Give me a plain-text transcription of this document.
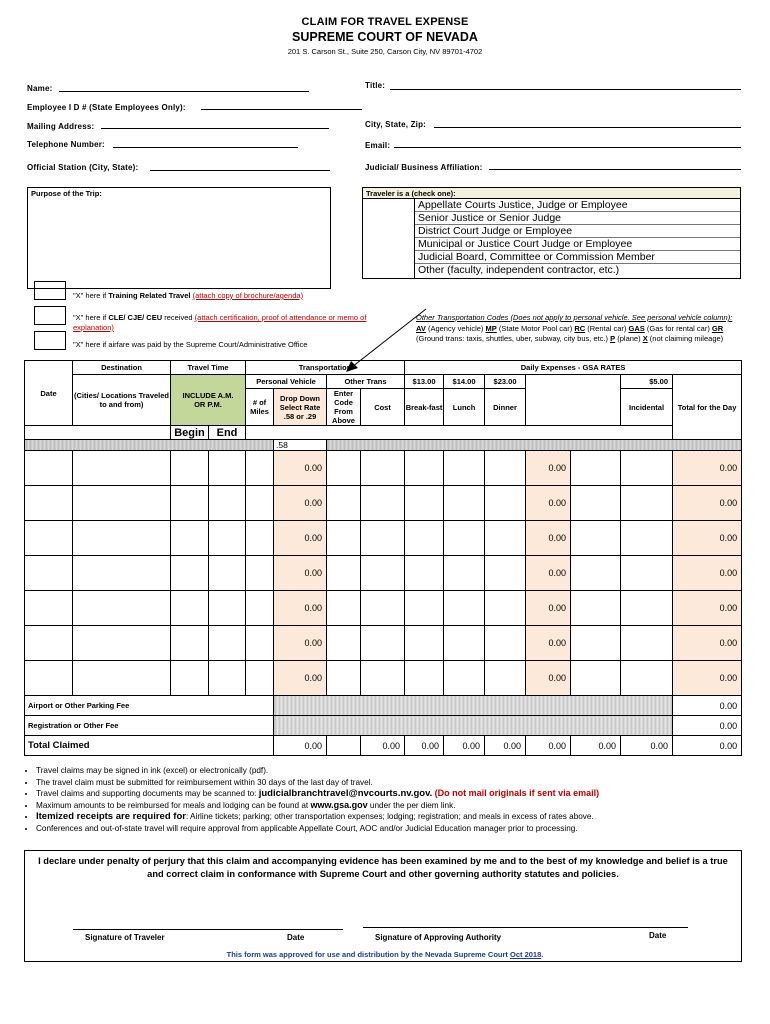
CLAIM FOR TRAVEL EXPENSE
SUPREME COURT OF NEVADA
201 S. Carson St., Suite 250, Carson City, NV 89701-4702
Name:	Title:
Employee I D # (State Employees Only):
Mailing Address:	City, State, Zip:
Telephone Number:	Email:
Official Station (City, State):	Judicial/ Business Affiliation:
Purpose of the Trip:	Traveler is a (check one):
Appellate Courts Justice, Judge or Employee
Senior Justice or Senior Judge
District Court Judge or Employee
Municipal or Justice Court Judge or Employee
Judicial Board, Committee or Commission Member
Other (faculty, independent contractor, etc.)
"X" here if Training Related Travel (attach copy of brochure/agenda)
"X" here if CLE/ CJE/ CEU received (attach certification, proof of attendance or memo of explanation)
"X" here if airfare was paid by the Supreme Court/Administrative Office
Other Transportation Codes (Does not apply to personal vehicle. See personal vehicle column): AV (Agency vehicle) MP (State Motor Pool car) RC (Rental car) GAS (Gas for rental car) GR (Ground trans: taxis, shuttles, uber, subway, city bus, etc.) P (plane) X (not claiming mileage)
Date	Destination	Travel Time		Transportation				Daily Expenses - GSA RATES						
	(Cities/ Locations Traveled to and from)	INCLUDE A.M. OR P.M.		Personal Vehicle		Other Trans		$13.00	$14.00	$23.00			$5.00	Total for the Day
				# of Miles	Drop Down Select Rate .58 or .29	Enter Code From Above	Cost	Break-fast	Lunch	Dinner			Incidental	
		Begin	End											
					.58									
					0.00						0.00			0.00
					0.00						0.00			0.00
					0.00						0.00			0.00
					0.00						0.00			0.00
					0.00						0.00			0.00
					0.00						0.00			0.00
					0.00						0.00			0.00
Airport or Other Parking Fee														0.00
Registration or Other Fee														0.00
Total Claimed					0.00		0.00	0.00	0.00	0.00	0.00	0.00	0.00	0.00
• Travel claims may be signed in ink (excel) or electronically (pdf).
• The travel claim must be submitted for reimbursement within 30 days of the last day of travel.
• Travel claims and supporting documents may be scanned to: judicialbranchtravel@nvcourts.nv.gov. (Do not mail originals if sent via email)
• Maximum amounts to be reimbursed for meals and lodging can be found at www.gsa.gov under the per diem link.
• Itemized receipts are required for: Airline tickets; parking; other transportation expenses; lodging; registration; and meals in excess of rates above.
• Conferences and out-of-state travel will require approval from applicable Appellate Court, AOC and/or Judicial Education manager prior to processing.
I declare under penalty of perjury that this claim and accompanying evidence has been examined by me and to the best of my knowledge and belief is a true and correct claim in conformance with Supreme Court and other governing authority statutes and policies.
Signature of Traveler	Date	Signature of Approving Authority	Date
This form was approved for use and distribution by the Nevada Supreme Court Oct 2018.
